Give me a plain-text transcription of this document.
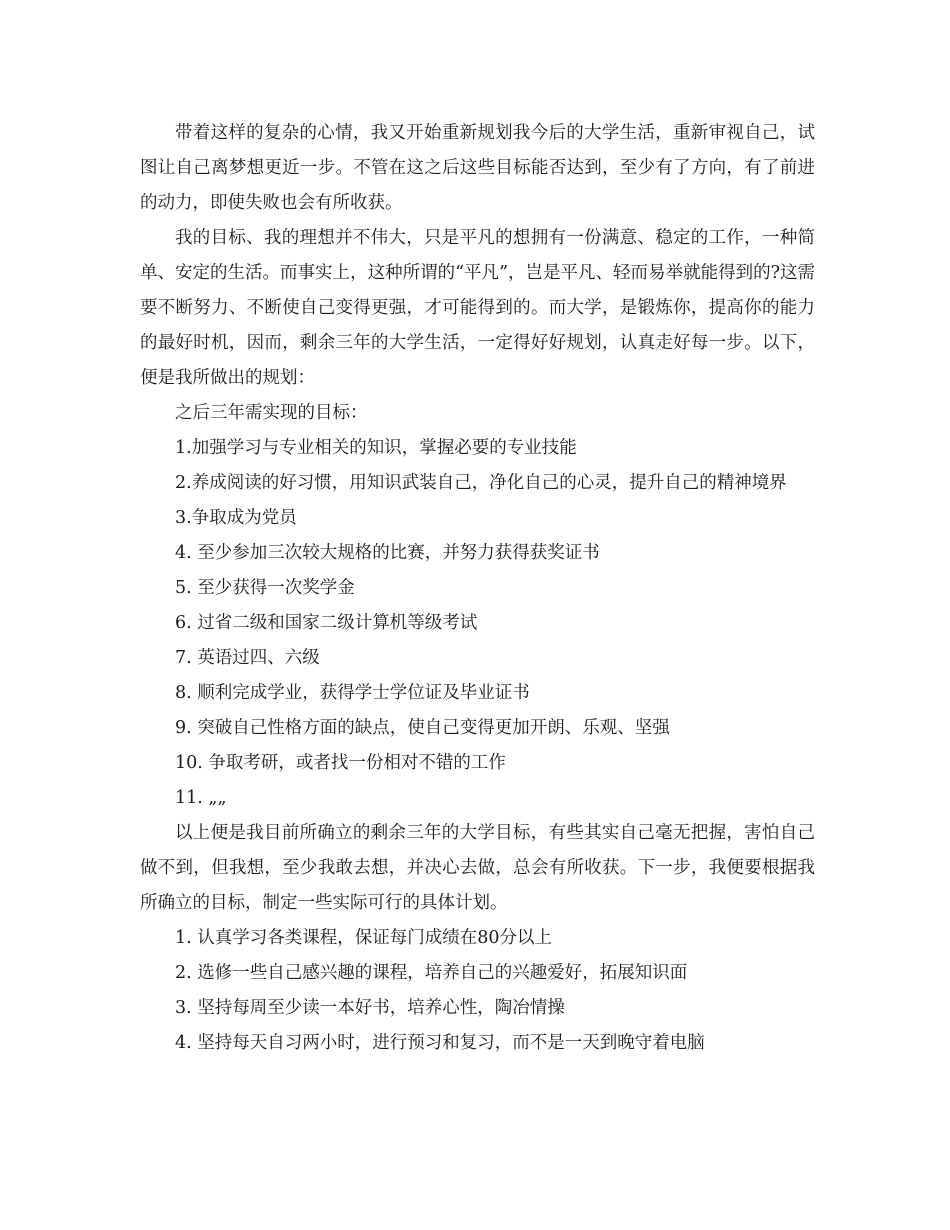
带着这样的复杂的心情，我又开始重新规划我今后的大学生活，重新审视自己，试图让自己离梦想更近一步。不管在这之后这些目标能否达到，至少有了方向，有了前进的动力，即使失败也会有所收获。

我的目标、我的理想并不伟大，只是平凡的想拥有一份满意、稳定的工作，一种简单、安定的生活。而事实上，这种所谓的“平凡”，岂是平凡、轻而易举就能得到的?这需要不断努力、不断使自己变得更强，才可能得到的。而大学，是锻炼你，提高你的能力的最好时机，因而，剩余三年的大学生活，一定得好好规划，认真走好每一步。以下，便是我所做出的规划：

之后三年需实现的目标：

1.加强学习与专业相关的知识，掌握必要的专业技能

2.养成阅读的好习惯，用知识武装自己，净化自己的心灵，提升自己的精神境界

3.争取成为党员

4. 至少参加三次较大规格的比赛，并努力获得获奖证书

5. 至少获得一次奖学金

6. 过省二级和国家二级计算机等级考试

7. 英语过四、六级

8. 顺利完成学业，获得学士学位证及毕业证书

9. 突破自己性格方面的缺点，使自己变得更加开朗、乐观、坚强

10. 争取考研，或者找一份相对不错的工作

11. „„

以上便是我目前所确立的剩余三年的大学目标，有些其实自己毫无把握，害怕自己做不到，但我想，至少我敢去想，并决心去做，总会有所收获。下一步，我便要根据我所确立的目标，制定一些实际可行的具体计划。

1. 认真学习各类课程，保证每门成绩在80分以上

2. 选修一些自己感兴趣的课程，培养自己的兴趣爱好，拓展知识面

3. 坚持每周至少读一本好书，培养心性，陶冶情操

4. 坚持每天自习两小时，进行预习和复习，而不是一天到晚守着电脑
